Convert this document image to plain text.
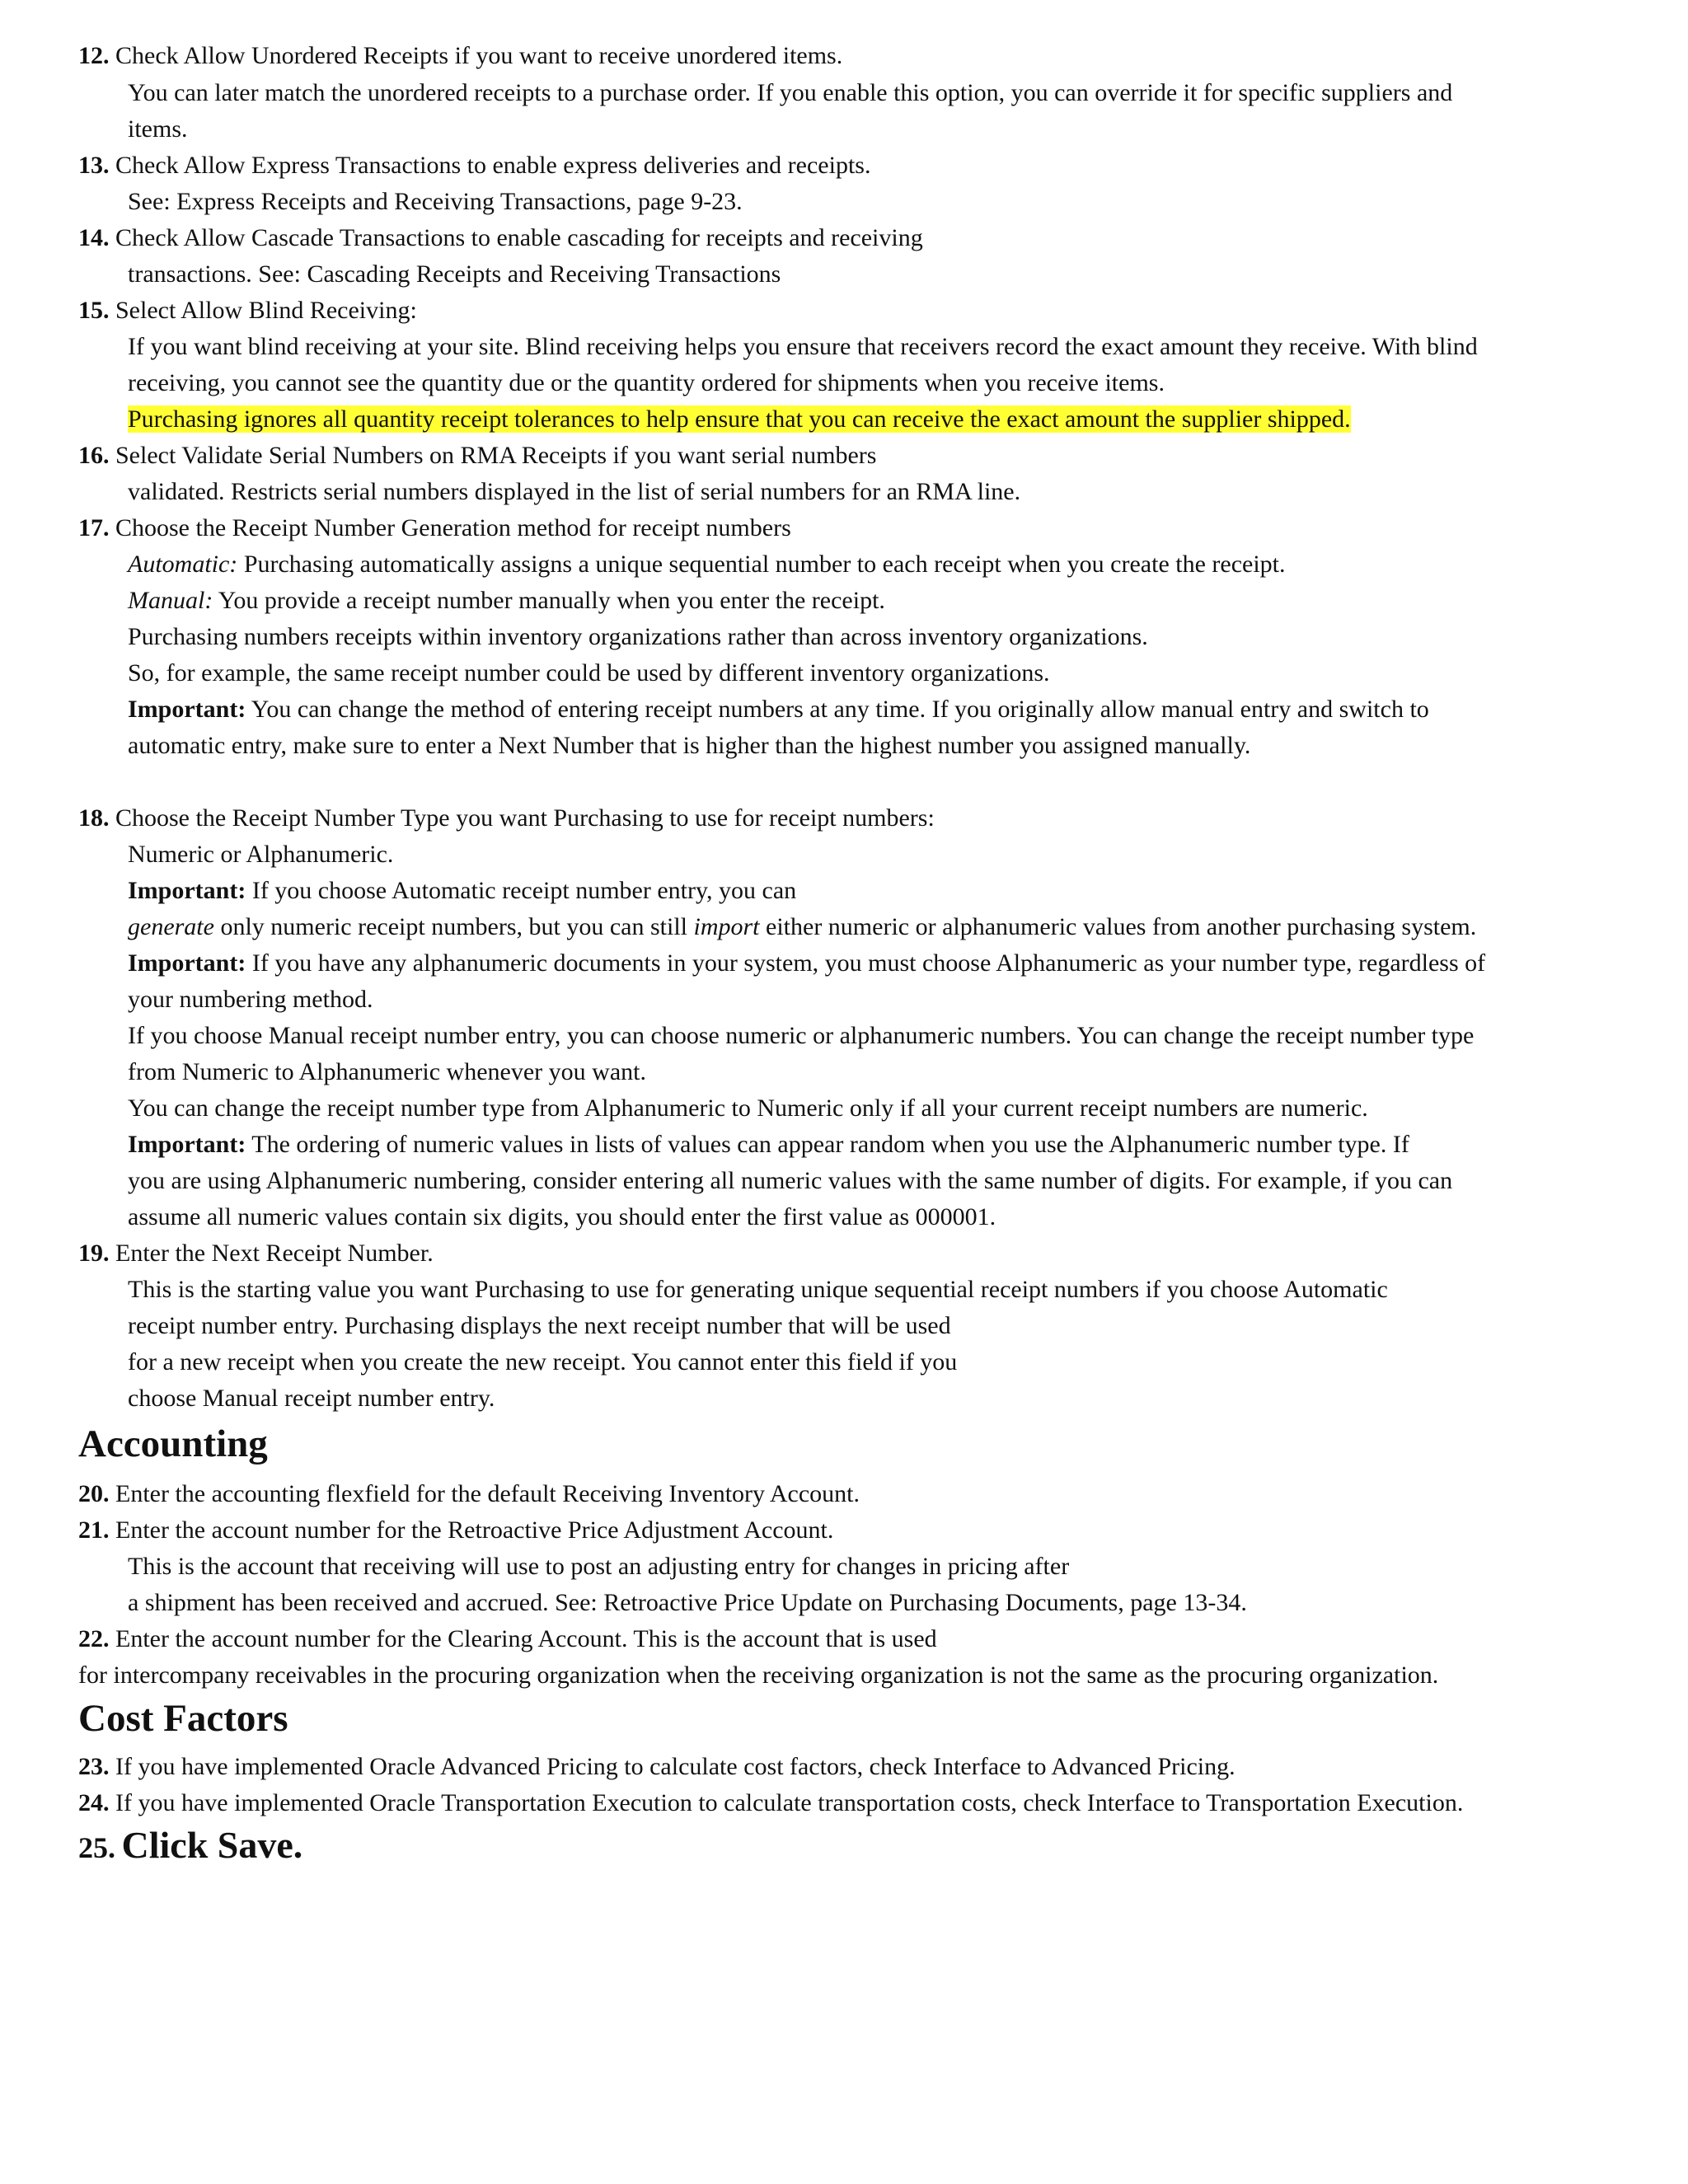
12. Check Allow Unordered Receipts if you want to receive unordered items.
You can later match the unordered receipts to a purchase order. If you enable this option, you can override it for specific suppliers and
items.
13. Check Allow Express Transactions to enable express deliveries and receipts.
See: Express Receipts and Receiving Transactions, page 9-23.
14. Check Allow Cascade Transactions to enable cascading for receipts and receiving
transactions. See: Cascading Receipts and Receiving Transactions
15. Select Allow Blind Receiving:
If you want blind receiving at your site. Blind receiving helps you ensure that receivers record the exact amount they receive. With blind
receiving, you cannot see the quantity due or the quantity ordered for shipments when you receive items.
Purchasing ignores all quantity receipt tolerances to help ensure that you can receive the exact amount the supplier shipped.
16. Select Validate Serial Numbers on RMA Receipts if you want serial numbers
validated. Restricts serial numbers displayed in the list of serial numbers for an RMA line.
17. Choose the Receipt Number Generation method for receipt numbers
Automatic: Purchasing automatically assigns a unique sequential number to each receipt when you create the receipt.
Manual: You provide a receipt number manually when you enter the receipt.
Purchasing numbers receipts within inventory organizations rather than across inventory organizations.
So, for example, the same receipt number could be used by different inventory organizations.
Important: You can change the method of entering receipt numbers at any time. If you originally allow manual entry and switch to
automatic entry, make sure to enter a Next Number that is higher than the highest number you assigned manually.
18. Choose the Receipt Number Type you want Purchasing to use for receipt numbers:
Numeric or Alphanumeric.
Important: If you choose Automatic receipt number entry, you can
generate only numeric receipt numbers, but you can still import either numeric or alphanumeric values from another purchasing system.
Important: If you have any alphanumeric documents in your system, you must choose Alphanumeric as your number type, regardless of
your numbering method.
If you choose Manual receipt number entry, you can choose numeric or alphanumeric numbers. You can change the receipt number type
from Numeric to Alphanumeric whenever you want.
You can change the receipt number type from Alphanumeric to Numeric only if all your current receipt numbers are numeric.
Important: The ordering of numeric values in lists of values can appear random when you use the Alphanumeric number type. If
you are using Alphanumeric numbering, consider entering all numeric values with the same number of digits. For example, if you can
assume all numeric values contain six digits, you should enter the first value as 000001.
19. Enter the Next Receipt Number.
This is the starting value you want Purchasing to use for generating unique sequential receipt numbers if you choose Automatic
receipt number entry. Purchasing displays the next receipt number that will be used
for a new receipt when you create the new receipt. You cannot enter this field if you
choose Manual receipt number entry.
Accounting
20. Enter the accounting flexfield for the default Receiving Inventory Account.
21. Enter the account number for the Retroactive Price Adjustment Account.
This is the account that receiving will use to post an adjusting entry for changes in pricing after
a shipment has been received and accrued. See: Retroactive Price Update on Purchasing Documents, page 13-34.
22. Enter the account number for the Clearing Account. This is the account that is used
for intercompany receivables in the procuring organization when the receiving organization is not the same as the procuring organization.
Cost Factors
23. If you have implemented Oracle Advanced Pricing to calculate cost factors, check Interface to Advanced Pricing.
24. If you have implemented Oracle Transportation Execution to calculate transportation costs, check Interface to Transportation Execution.
25. Click Save.
